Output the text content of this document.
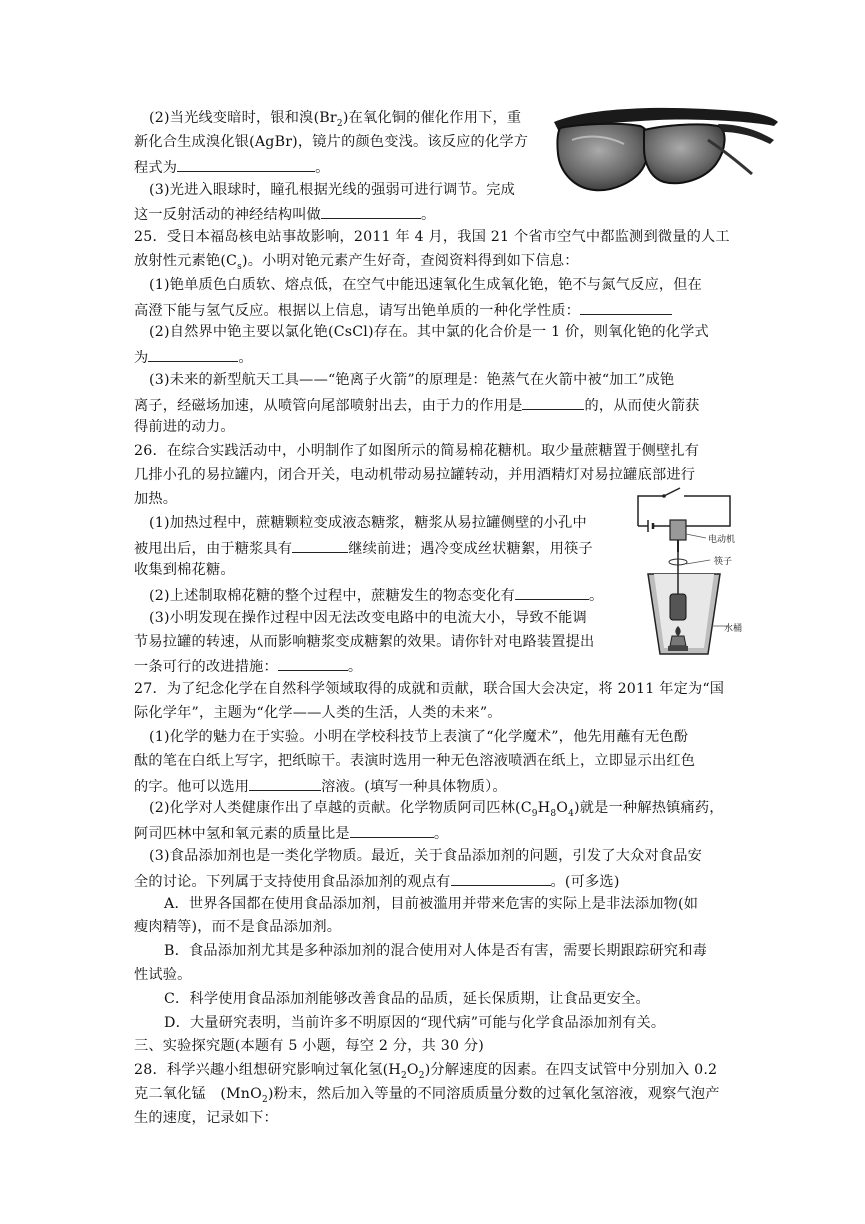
电动机
筷子
水桶
(2)当光线变暗时，银和溴$(Br_2)$在氧化铜的催化作用下，重
新化合生成溴化银(AgBr)，镜片的颜色变浅。该反应的化学方
程式为	。
(3)光进入眼球时，瞳孔根据光线的强弱可进行调节。完成
这一反射活动的神经结构叫做	。
25．受日本福岛核电站事故影响，2011 年 4 月，我国 21 个省市空气中都监测到微量的人工
放射性元素铯$(C_s)$。小明对铯元素产生好奇，查阅资料得到如下信息：
(1)铯单质色白质软、熔点低，在空气中能迅速氧化生成氧化铯，铯不与氮气反应，但在
高澄下能与氢气反应。根据以上信息，请写出铯单质的一种化学性质：
(2)自然界中铯主要以氯化铯(CsCl)存在。其中氯的化合价是一 1 价，则氧化铯的化学式
为	。
(3)未来的新型航天工具——“铯离子火箭”的原理是：铯蒸气在火箭中被“加工”成铯
离子，经磁场加速，从喷管向尾部喷射出去，由于力的作用是	的，从而使火箭获
得前进的动力。
26．在综合实践活动中，小明制作了如图所示的简易棉花糖机。取少量蔗糖置于侧壁扎有
几排小孔的易拉罐内，闭合开关，电动机带动易拉罐转动，并用酒精灯对易拉罐底部进行
加热。
(1)加热过程中，蔗糖颗粒变成液态糖浆，糖浆从易拉罐侧壁的小孔中
被甩出后，由于糖浆具有	继续前进；遇冷变成丝状糖絮，用筷子
收集到棉花糖。
(2)上述制取棉花糖的整个过程中，蔗糖发生的物态变化有	。
(3)小明发现在操作过程中因无法改变电路中的电流大小，导致不能调
节易拉罐的转速，从而影响糖浆变成糖絮的效果。请你针对电路装置提出
一条可行的改进措施：	。
27．为了纪念化学在自然科学领域取得的成就和贡献，联合国大会决定，将 2011 年定为“国
际化学年”，主题为“化学——人类的生活，人类的未来”。
(1)化学的魅力在于实验。小明在学校科技节上表演了“化学魔术”，他先用蘸有无色酚
酞的笔在白纸上写字，把纸晾干。表演时选用一种无色溶液喷洒在纸上，立即显示出红色
的字。他可以选用	溶液。(填写一种具体物质）。
(2)化学对人类健康作出了卓越的贡献。化学物质阿司匹林$(C_9H_8O_4)$就是一种解热镇痛药，
阿司匹林中氢和氧元素的质量比是	。
(3)食品添加剂也是一类化学物质。最近，关于食品添加剂的问题，引发了大众对食品安
全的讨论。下列属于支持使用食品添加剂的观点有	。(可多选)
A．世界各国都在使用食品添加剂，目前被滥用并带来危害的实际上是非法添加物(如
瘦肉精等)，而不是食品添加剂。
B．食品添加剂尤其是多种添加剂的混合使用对人体是否有害，需要长期跟踪研究和毒
性试验。
C．科学使用食品添加剂能够改善食品的品质，延长保质期，让食品更安全。
D．大量研究表明，当前许多不明原因的“现代病”可能与化学食品添加剂有关。
三、实验探究题(本题有 5 小题，每空 2 分，共 30 分)
28．科学兴趣小组想研究影响过氧化氢$(H_2O_2)$分解速度的因素。在四支试管中分别加入 0.2
克二氧化锰　(MnO$_2$)粉末，然后加入等量的不同溶质质量分数的过氧化氢溶液，观察气泡产
生的速度，记录如下：
